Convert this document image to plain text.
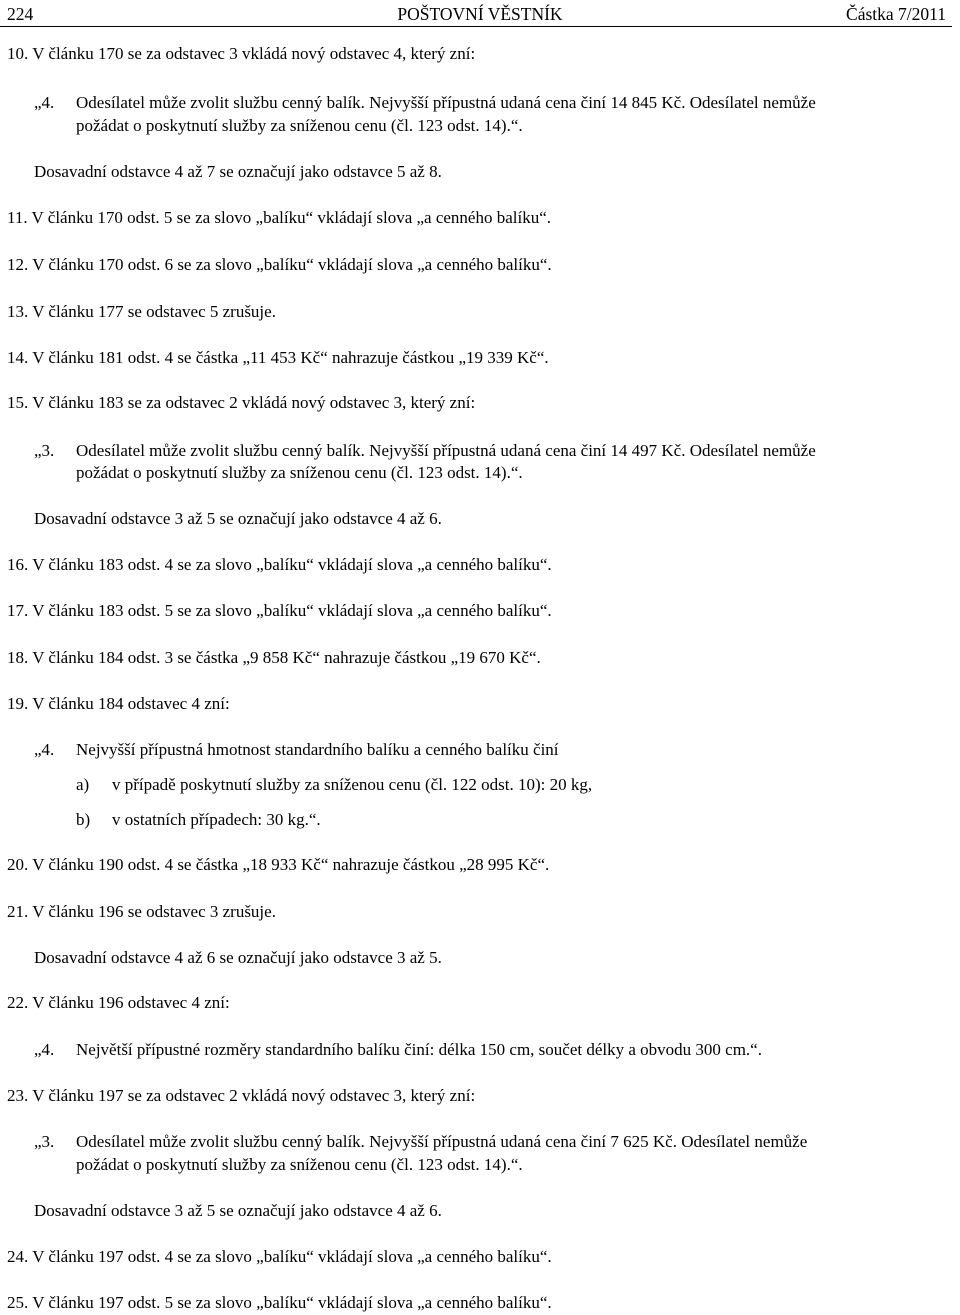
224	POŠTOVNÍ VĚSTNÍK	Částka 7/2011
10. V článku 170 se za odstavec 3 vkládá nový odstavec 4, který zní:
„4. Odesílatel může zvolit službu cenný balík. Nejvyšší přípustná udaná cena činí 14 845 Kč. Odesílatel nemůže
požádat o poskytnutí služby za sníženou cenu (čl. 123 odst. 14).“.
Dosavadní odstavce 4 až 7 se označují jako odstavce 5 až 8.
11. V článku 170 odst. 5 se za slovo „balíku“ vkládají slova „a cenného balíku“.
12. V článku 170 odst. 6 se za slovo „balíku“ vkládají slova „a cenného balíku“.
13. V článku 177 se odstavec 5 zrušuje.
14. V článku 181 odst. 4 se částka „11 453 Kč“ nahrazuje částkou „19 339 Kč“.
15. V článku 183 se za odstavec 2 vkládá nový odstavec 3, který zní:
„3. Odesílatel může zvolit službu cenný balík. Nejvyšší přípustná udaná cena činí 14 497 Kč. Odesílatel nemůže
požádat o poskytnutí služby za sníženou cenu (čl. 123 odst. 14).“.
Dosavadní odstavce 3 až 5 se označují jako odstavce 4 až 6.
16. V článku 183 odst. 4 se za slovo „balíku“ vkládají slova „a cenného balíku“.
17. V článku 183 odst. 5 se za slovo „balíku“ vkládají slova „a cenného balíku“.
18. V článku 184 odst. 3 se částka „9 858 Kč“ nahrazuje částkou „19 670 Kč“.
19. V článku 184 odstavec 4 zní:
„4. Nejvyšší přípustná hmotnost standardního balíku a cenného balíku činí
a) v případě poskytnutí služby za sníženou cenu (čl. 122 odst. 10): 20 kg,
b) v ostatních případech: 30 kg.“.
20. V článku 190 odst. 4 se částka „18 933 Kč“ nahrazuje částkou „28 995 Kč“.
21. V článku 196 se odstavec 3 zrušuje.
Dosavadní odstavce 4 až 6 se označují jako odstavce 3 až 5.
22. V článku 196 odstavec 4 zní:
„4. Největší přípustné rozměry standardního balíku činí: délka 150 cm, součet délky a obvodu 300 cm.“.
23. V článku 197 se za odstavec 2 vkládá nový odstavec 3, který zní:
„3. Odesílatel může zvolit službu cenný balík. Nejvyšší přípustná udaná cena činí 7 625 Kč. Odesílatel nemůže
požádat o poskytnutí služby za sníženou cenu (čl. 123 odst. 14).“.
Dosavadní odstavce 3 až 5 se označují jako odstavce 4 až 6.
24. V článku 197 odst. 4 se za slovo „balíku“ vkládají slova „a cenného balíku“.
25. V článku 197 odst. 5 se za slovo „balíku“ vkládají slova „a cenného balíku“.
